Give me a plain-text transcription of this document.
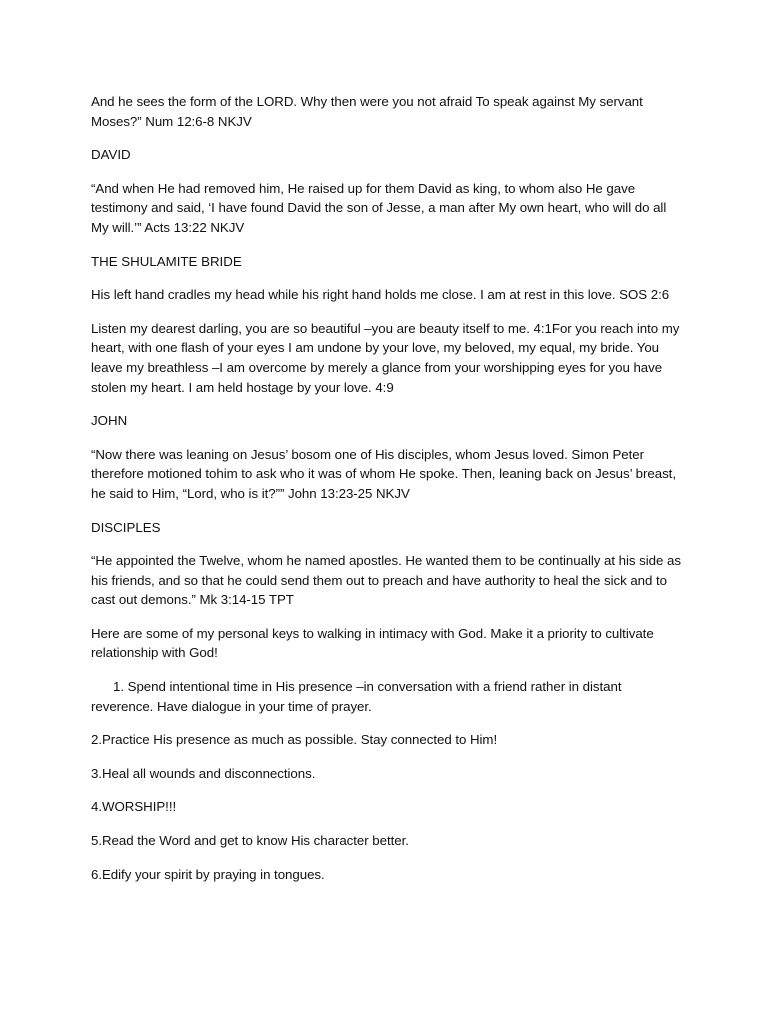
And he sees the form of the LORD. Why then were you not afraid To speak against My servant Moses?” Num 12:6-8 NKJV

DAVID

“And when He had removed him, He raised up for them David as king, to whom also He gave testimony and said, ‘I have found David the son of Jesse, a man after My own heart, who will do all My will.’” Acts 13:22 NKJV

THE SHULAMITE BRIDE

His left hand cradles my head while his right hand holds me close. I am at rest in this love. SOS 2:6

Listen my dearest darling, you are so beautiful –you are beauty itself to me. 4:1For you reach into my heart, with one flash of your eyes I am undone by your love, my beloved, my equal, my bride. You leave my breathless –I am overcome by merely a glance from your worshipping eyes for you have stolen my heart. I am held hostage by your love. 4:9

JOHN

“Now there was leaning on Jesus’ bosom one of His disciples, whom Jesus loved. Simon Peter therefore motioned tohim to ask who it was of whom He spoke. Then, leaning back on Jesus’ breast, he said to Him, “Lord, who is it?”” John 13:23-25 NKJV

DISCIPLES

“He appointed the Twelve, whom he named apostles. He wanted them to be continually at his side as his friends, and so that he could send them out to preach and have authority to heal the sick and to cast out demons.” Mk 3:14-15 TPT

Here are some of my personal keys to walking in intimacy with God. Make it a priority to cultivate relationship with God!

1. Spend intentional time in His presence –in conversation with a friend rather in distant reverence. Have dialogue in your time of prayer.

2.Practice His presence as much as possible. Stay connected to Him!

3.Heal all wounds and disconnections.

4.WORSHIP!!!

5.Read the Word and get to know His character better.

6.Edify your spirit by praying in tongues.
